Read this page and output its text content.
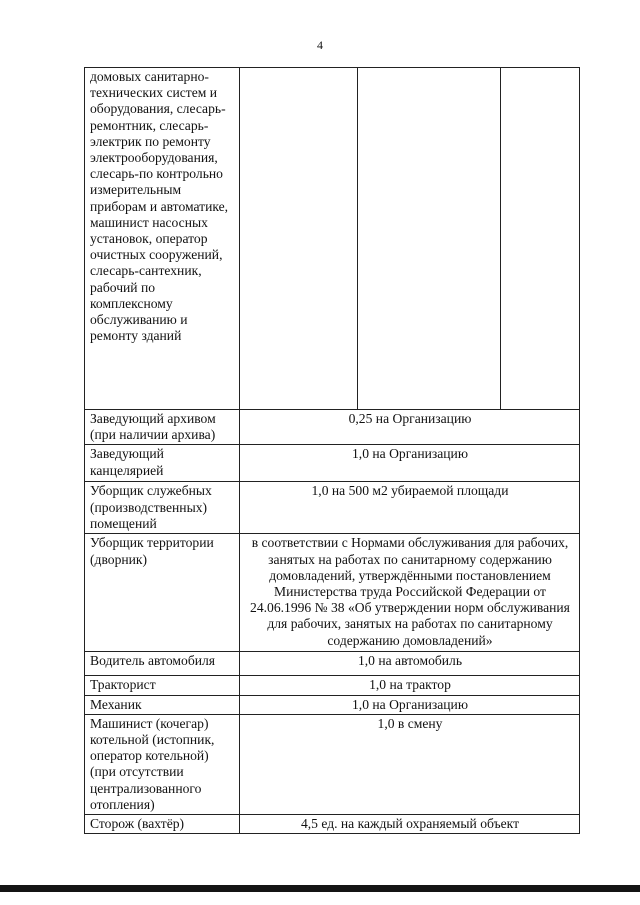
4
домовых санитарно-технических систем и оборудования, слесарь-ремонтник, слесарь-электрик по ремонту электрооборудования, слесарь-по контрольно измерительным приборам и автоматике, машинист насосных установок, оператор очистных сооружений, слесарь-сантехник, рабочий по комплексному обслуживанию и ремонту зданий			
Заведующий архивом (при наличии архива)	0,25 на Организацию		
Заведующий канцелярией	1,0 на Организацию		
Уборщик служебных (производственных) помещений	1,0 на 500 м2 убираемой площади		
Уборщик территории (дворник)	в соответствии с Нормами обслуживания для рабочих, занятых на работах по санитарному содержанию домовладений, утверждёнными постановлением Министерства труда Российской Федерации от 24.06.1996 № 38 «Об утверждении норм обслуживания для рабочих, занятых на работах по санитарному содержанию домовладений»		
Водитель автомобиля	1,0 на автомобиль		
Тракторист	1,0 на трактор		
Механик	1,0 на Организацию		
Машинист (кочегар) котельной (истопник, оператор котельной) (при отсутствии централизованного отопления)	1,0 в смену		
Сторож (вахтёр)	4,5 ед. на каждый охраняемый объект		
